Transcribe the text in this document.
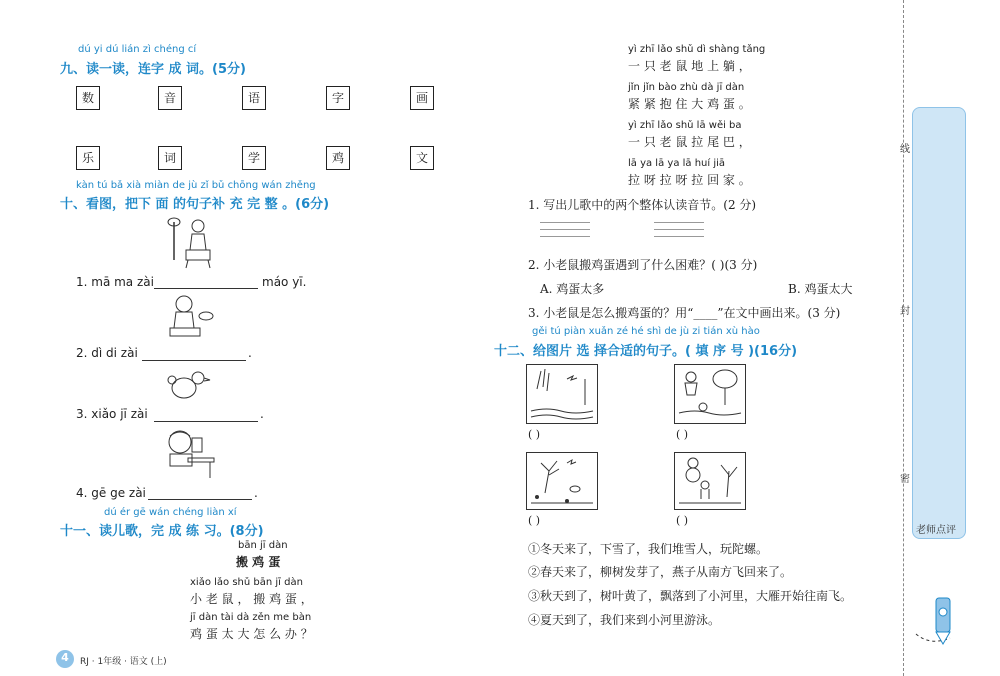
dú yi dú lián zì chéng cí
九、读一读，连字 成 词。(5分)
数	音	语	字	画
乐	词	学	鸡	文
kàn tú bǎ xià miàn de jù zǐ bǔ chōng wán zhěng
十、看图，把下 面 的句子补 充 完 整 。(6分)
1. mā ma zài	máo yī.
2. dì di zài	.
3. xiǎo jī zài	.
4. gē ge zài	.
dú ér gē wán chéng liàn xí
十一、读儿歌，完 成 练 习。(8分)
bān jī dàn
搬 鸡 蛋
xiǎo lǎo shǔ bān jī dàn
小 老 鼠 ， 搬 鸡 蛋 ，
jī dàn tài dà zěn me bàn
鸡 蛋 太 大 怎 么 办 ？
yì zhī lǎo shǔ dì shàng tǎng
一 只 老 鼠 地 上 躺 ，
jǐn jǐn bào zhù dà jī dàn
紧 紧 抱 住 大 鸡 蛋 。
yì zhī lǎo shǔ lā wěi ba
一 只 老 鼠 拉 尾 巴 ，
lā ya lā ya lā huí jiā
拉 呀 拉 呀 拉 回 家 。
1. 写出儿歌中的两个整体认读音节。(2 分)
2. 小老鼠搬鸡蛋遇到了什么困难？( )(3 分)
A. 鸡蛋太多	B. 鸡蛋太大
3. 小老鼠是怎么搬鸡蛋的？用“____”在文中画出来。(3 分)
gěi tú piàn xuǎn zé hé shì de jù zi tián xù hào
十二、给图片 选 择合适的句子。( 填 序 号 )(16分)
( )	( )
( )	( )
①冬天来了，下雪了，我们堆雪人，玩陀螺。
②春天来了，柳树发芽了，燕子从南方飞回来了。
③秋天到了，树叶黄了，飘落到了小河里，大雁开始往南飞。
④夏天到了，我们来到小河里游泳。
4	RJ · 1年级 · 语文 (上)
线
封
密
老师点评
